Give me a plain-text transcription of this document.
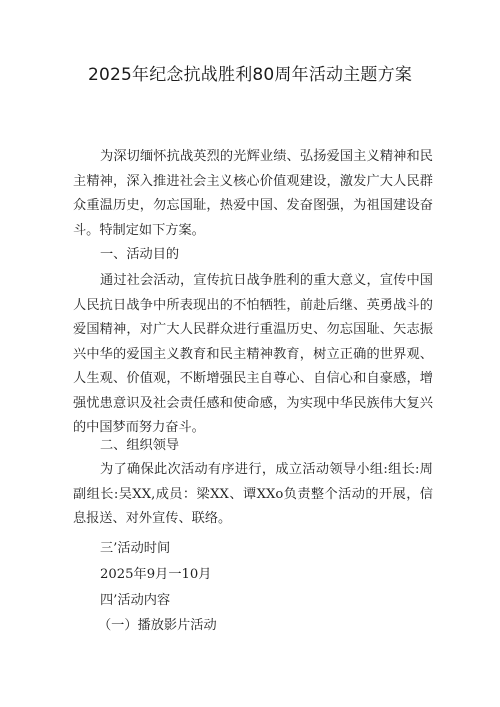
2025年纪念抗战胜利80周年活动主题方案

为深切缅怀抗战英烈的光辉业绩、弘扬爱国主义精神和民主精神，深入推进社会主义核心价值观建设，激发广大人民群众重温历史，勿忘国耻，热爱中国、发奋图强，为祖国建设奋斗。特制定如下方案。

一、活动目的

通过社会活动，宣传抗日战争胜利的重大意义，宣传中国人民抗日战争中所表现出的不怕牺牲，前赴后继、英勇战斗的爱国精神，对广大人民群众进行重温历史、勿忘国耻、矢志振兴中华的爱国主义教育和民主精神教育，树立正确的世界观、人生观、价值观，不断增强民主自尊心、自信心和自豪感，增强忧患意识及社会责任感和使命感，为实现中华民族伟大复兴的中国梦而努力奋斗。

二、组织领导

为了确保此次活动有序进行，成立活动领导小组:组长:周副组长:吴XX,成员：梁XX、谭XXo负责整个活动的开展，信息报送、对外宣传、联络。

三’活动时间

2025年9月一10月

四’活动内容

（一）播放影片活动
